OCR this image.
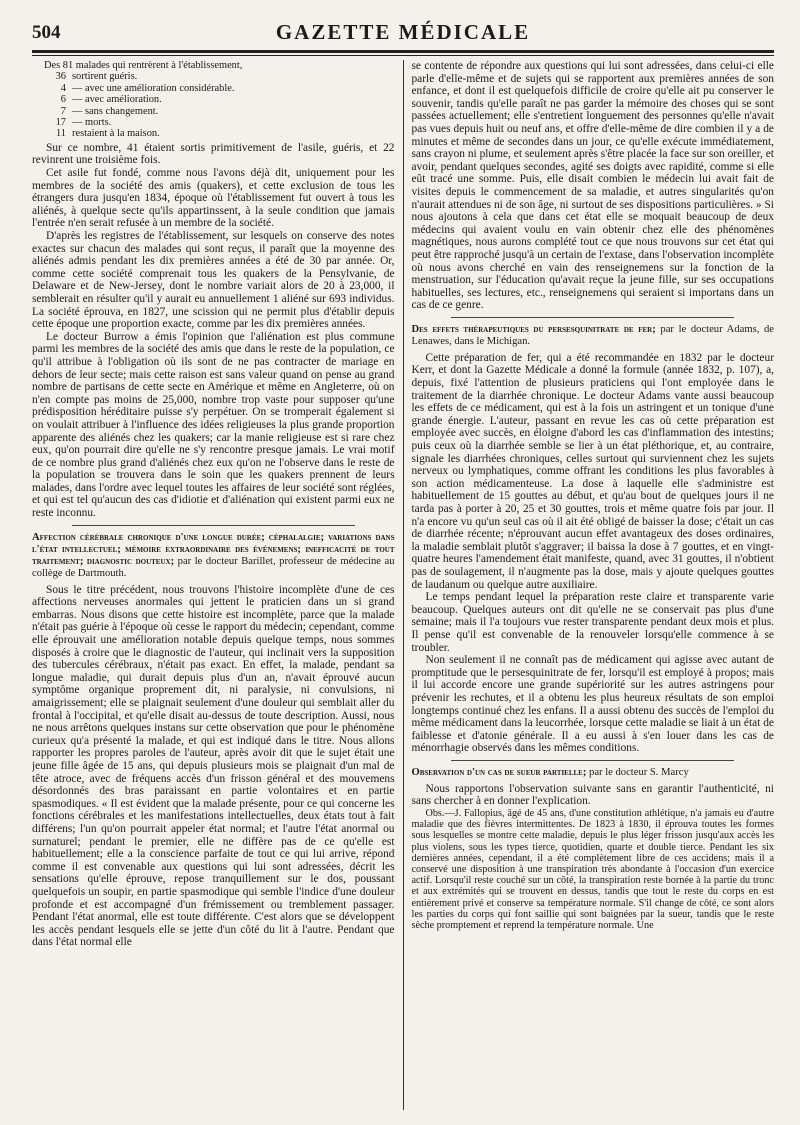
504	GAZETTE MÉDICALE
Des 81 malades qui rentrèrent à l'établissement,
36 sortirent guéris.
4 — avec une amélioration considérable.
6 — avec amélioration.
7 — sans changement.
17 — morts.
11 restaient à la maison.

Sur ce nombre, 41 étaient sortis primitivement de l'asile, guéris, et 22 revinrent une troisième fois.

Cet asile fut fondé, comme nous l'avons déjà dit, uniquement pour les membres de la société des amis (quakers), et cette exclusion de tous les étrangers dura jusqu'en 1834, époque où l'établissement fut ouvert à tous les aliénés, à quelque secte qu'ils appartinssent, à la seule condition que jamais l'entrée n'en serait refusée à un membre de la société.

D'après les registres de l'établissement, sur lesquels on conserve des notes exactes sur chacun des malades qui sont reçus, il paraît que la moyenne des aliénés admis pendant les dix premières années a été de 30 par année. Or, comme cette société comprenait tous les quakers de la Pensylvanie, de Delaware et de New-Jersey, dont le nombre variait alors de 20 à 23,000, il semblerait en résulter qu'il y aurait eu annuellement 1 aliéné sur 693 individus. La société éprouva, en 1827, une scission qui ne permit plus d'établir depuis cette époque une proportion exacte, comme par les dix premières années.

Le docteur Burrow a émis l'opinion que l'aliénation est plus commune parmi les membres de la société des amis que dans le reste de la population, ce qu'il attribue à l'obligation où ils sont de ne pas contracter de mariage en dehors de leur secte; mais cette raison est sans valeur quand on pense au grand nombre de partisans de cette secte en Amérique et même en Angleterre, où on n'en compte pas moins de 25,000, nombre trop vaste pour supposer qu'une prédisposition héréditaire puisse s'y perpétuer. On se tromperait également si on voulait attribuer à l'influence des idées religieuses la plus grande proportion apparente des aliénés chez les quakers; car la manie religieuse est si rare chez eux, qu'on pourrait dire qu'elle ne s'y rencontre presque jamais. Le vrai motif de ce nombre plus grand d'aliénés chez eux qu'on ne l'observe dans le reste de la population se trouvera dans le soin que les quakers prennent de leurs malades, dans l'ordre avec lequel toutes les affaires de leur société sont réglées, et qui est tel qu'aucun des cas d'idiotie et d'aliénation qui existent parmi eux ne reste inconnu.

Affection cérébrale chronique d'une longue durée; céphalalgie; variations dans l'état intellectuel; mémoire extraordinaire des événemens; inefficacité de tout traitement; diagnostic douteux; par le docteur Barillet, professeur de médecine au collège de Dartmouth.

Sous le titre précédent, nous trouvons l'histoire incomplète d'une de ces affections nerveuses anormales qui jettent le praticien dans un si grand embarras. Nous disons que cette histoire est incomplète, parce que la malade n'était pas guérie à l'époque où cesse le rapport du médecin; cependant, comme elle éprouvait une amélioration notable depuis quelque temps, nous sommes disposés à croire que le diagnostic de l'auteur, qui inclinait vers la supposition des tubercules cérébraux, n'était pas exact. En effet, la malade, pendant sa longue maladie, qui durait depuis plus d'un an, n'avait éprouvé aucun symptôme organique proprement dit, ni paralysie, ni convulsions, ni amaigrissement; elle se plaignait seulement d'une douleur qui semblait aller du frontal à l'occipital, et qu'elle disait au-dessus de toute description. Aussi, nous ne nous arrêtons quelques instans sur cette observation que pour le phénomène curieux qu'a présenté la malade, et qui est indiqué dans le titre. Nous allons rapporter les propres paroles de l'auteur, après avoir dit que le sujet était une jeune fille âgée de 15 ans, qui depuis plusieurs mois se plaignait d'un mal de tête atroce, avec de fréquens accès d'un frisson général et des mouvemens désordonnés des bras paraissant en partie volontaires et en partie spasmodiques. « Il est évident que la malade présente, pour ce qui concerne les fonctions cérébrales et les manifestations intellectuelles, deux états tout à fait différens; l'un qu'on pourrait appeler état normal; et l'autre l'état anormal ou surnaturel; pendant le premier, elle ne diffère pas de ce qu'elle est habituellement; elle a la conscience parfaite de tout ce qui lui arrive, répond comme il est convenable aux questions qui lui sont adressées, décrit les sensations qu'elle éprouve, repose tranquillement sur le dos, poussant quelquefois un soupir, en partie spasmodique qui semble l'indice d'une douleur profonde et est accompagné d'un frémissement ou tremblement passager. Pendant l'état anormal, elle est toute différente. C'est alors que se développent les accès pendant lesquels elle se jette d'un côté du lit à l'autre. Pendant que dans l'état normal elle

se contente de répondre aux questions qui lui sont adressées, dans celui-ci elle parle d'elle-même et de sujets qui se rapportent aux premières années de son enfance, et dont il est quelquefois difficile de croire qu'elle ait pu conserver le souvenir, tandis qu'elle paraît ne pas garder la mémoire des choses qui se sont passées actuellement; elle s'entretient longuement des personnes qu'elle n'avait pas vues depuis huit ou neuf ans, et offre d'elle-même de dire combien il y a de minutes et même de secondes dans un jour, ce qu'elle exécute immédiatement, sans crayon ni plume, et seulement après s'être placée la face sur son oreiller, et avoir, pendant quelques secondes, agité ses doigts avec rapidité, comme si elle eût tracé une somme. Puis, elle disait combien le médecin lui avait fait de visites depuis le commencement de sa maladie, et autres singularités qu'on n'aurait attendues ni de son âge, ni surtout de ses dispositions particulières. » Si nous ajoutons à cela que dans cet état elle se moquait beaucoup de deux médecins qui avaient voulu en vain obtenir chez elle des phénomènes magnétiques, nous aurons complété tout ce que nous trouvons sur cet état qui peut être rapproché jusqu'à un certain de l'extase, dans l'observation incomplète où nous avons cherché en vain des renseignemens sur la fonction de la menstruation, sur l'éducation qu'avait reçue la jeune fille, sur ses occupations habituelles, ses lectures, etc., renseignemens qui seraient si importans dans un cas de ce genre.

Des effets thérapeutiques du persesquinitrate de fer; par le docteur Adams, de Lenawes, dans le Michigan.

Cette préparation de fer, qui a été recommandée en 1832 par le docteur Kerr, et dont la Gazette Médicale a donné la formule (année 1832, p. 107), a, depuis, fixé l'attention de plusieurs praticiens qui l'ont employée dans le traitement de la diarrhée chronique. Le docteur Adams vante aussi beaucoup les effets de ce médicament, qui est à la fois un astringent et un tonique d'une grande énergie. L'auteur, passant en revue les cas où cette préparation est employée avec succès, en éloigne d'abord les cas d'inflammation des intestins; puis ceux où la diarrhée semble se lier à un état pléthorique, et, au contraire, signale les diarrhées chroniques, celles surtout qui surviennent chez les sujets nerveux ou lymphatiques, comme offrant les conditions les plus favorables à son action médicamenteuse. La dose à laquelle elle s'administre est habituellement de 15 gouttes au début, et qu'au bout de quelques jours il ne tarda pas à porter à 20, 25 et 30 gouttes, trois et même quatre fois par jour. Il n'a encore vu qu'un seul cas où il ait été obligé de baisser la dose; c'était un cas de diarrhée récente; n'éprouvant aucun effet avantageux des doses ordinaires, la maladie semblait plutôt s'aggraver; il baissa la dose à 7 gouttes, et en vingt-quatre heures l'amendement était manifeste, quand, avec 31 gouttes, il n'obtient pas de soulagement, il n'augmente pas la dose, mais y ajoute quelques gouttes de laudanum ou quelque autre auxiliaire.

Le temps pendant lequel la préparation reste claire et transparente varie beaucoup. Quelques auteurs ont dit qu'elle ne se conservait pas plus d'une semaine; mais il l'a toujours vue rester transparente pendant deux mois et plus. Il pense qu'il est convenable de la renouveler lorsqu'elle commence à se troubler.

Non seulement il ne connaît pas de médicament qui agisse avec autant de promptitude que le persesquinitrate de fer, lorsqu'il est employé à propos; mais il lui accorde encore une grande supériorité sur les autres astringens pour prévenir les rechutes, et il a obtenu les plus heureux résultats de son emploi longtemps continué chez les enfans. Il a aussi obtenu des succès de l'emploi du même médicament dans la leucorrhée, lorsque cette maladie se liait à un état de faiblesse et d'atonie générale. Il a eu aussi à s'en louer dans les cas de ménorrhagie observés dans les mêmes conditions.

Observation d'un cas de sueur partielle; par le docteur S. Marcy

Nous rapportons l'observation suivante sans en garantir l'authenticité, ni sans chercher à en donner l'explication.

Obs.—J. Fallopius, âgé de 45 ans, d'une constitution athlétique, n'a jamais eu d'autre maladie que des fièvres intermittentes. De 1823 à 1830, il éprouva toutes les formes sous lesquelles se montre cette maladie, depuis le plus léger frisson jusqu'aux accès les plus violens, sous les types tierce, quotidien, quarte et double tierce. Pendant les six dernières années, cependant, il a été complètement libre de ces accidens; mais il a conservé une disposition à une transpiration très abondante à l'occasion d'un exercice actif. Lorsqu'il reste couché sur un côté, la transpiration reste bornée à la partie du tronc et aux extrémités qui se trouvent en dessus, tandis que tout le reste du corps en est entièrement privé et conserve sa température normale. S'il change de côté, ce sont alors les parties du corps qui font saillie qui sont baignées par la sueur, tandis que le reste sèche promptement et reprend la température normale. Une
